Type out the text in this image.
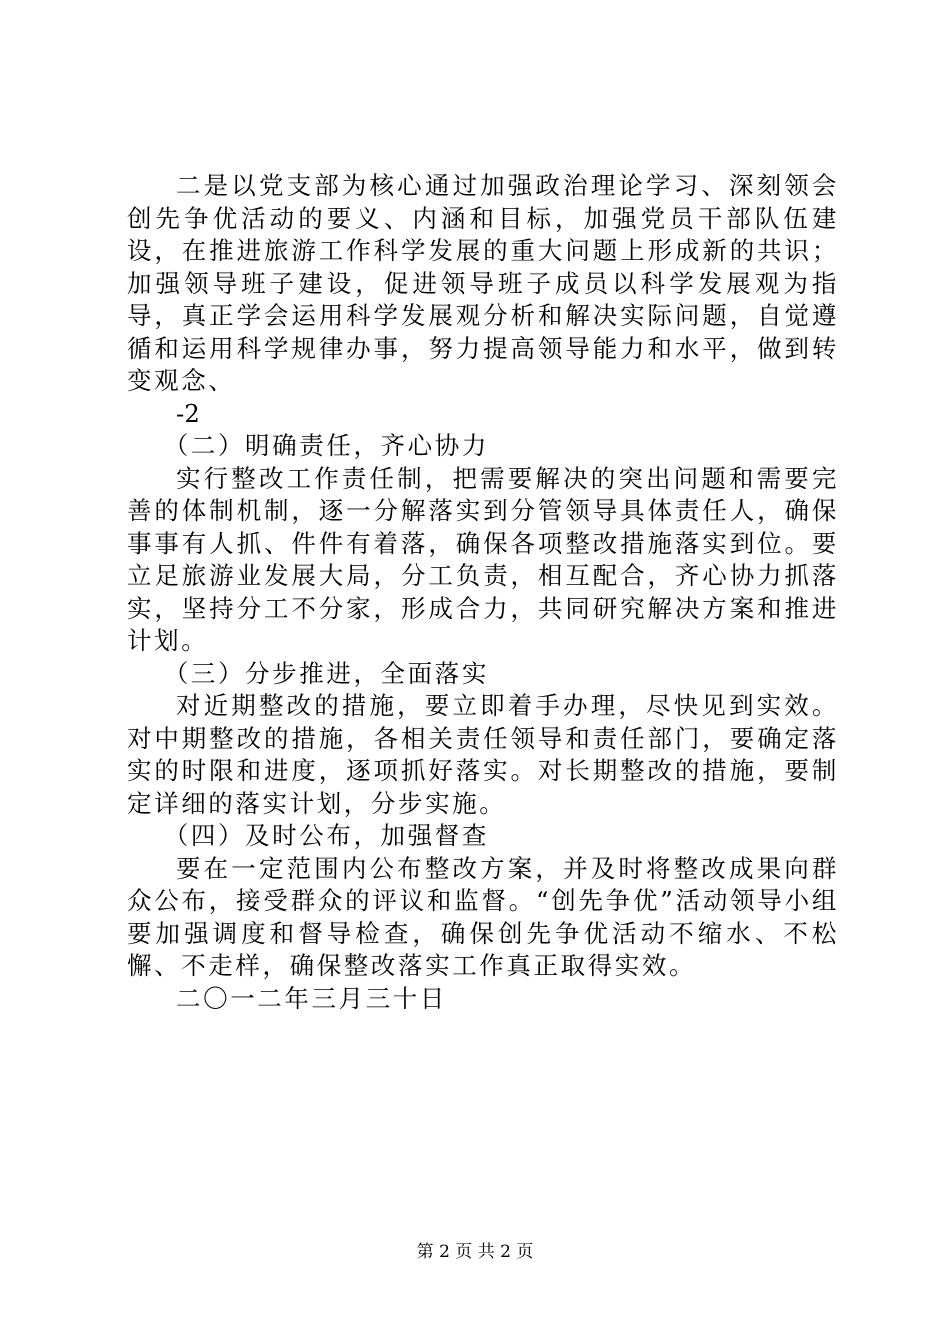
二是以党支部为核心通过加强政治理论学习、深刻领会创先争优活动的要义、内涵和目标，加强党员干部队伍建设，在推进旅游工作科学发展的重大问题上形成新的共识；加强领导班子建设，促进领导班子成员以科学发展观为指导，真正学会运用科学发展观分析和解决实际问题，自觉遵循和运用科学规律办事，努力提高领导能力和水平，做到转变观念、

-2

（二）明确责任，齐心协力

实行整改工作责任制，把需要解决的突出问题和需要完善的体制机制，逐一分解落实到分管领导具体责任人，确保事事有人抓、件件有着落，确保各项整改措施落实到位。要立足旅游业发展大局，分工负责，相互配合，齐心协力抓落实，坚持分工不分家，形成合力，共同研究解决方案和推进计划。

（三）分步推进，全面落实

对近期整改的措施，要立即着手办理，尽快见到实效。对中期整改的措施，各相关责任领导和责任部门，要确定落实的时限和进度，逐项抓好落实。对长期整改的措施，要制定详细的落实计划，分步实施。

（四）及时公布，加强督查

要在一定范围内公布整改方案，并及时将整改成果向群众公布，接受群众的评议和监督。“创先争优”活动领导小组要加强调度和督导检查，确保创先争优活动不缩水、不松懈、不走样，确保整改落实工作真正取得实效。

二〇一二年三月三十日

第 2 页 共 2 页
